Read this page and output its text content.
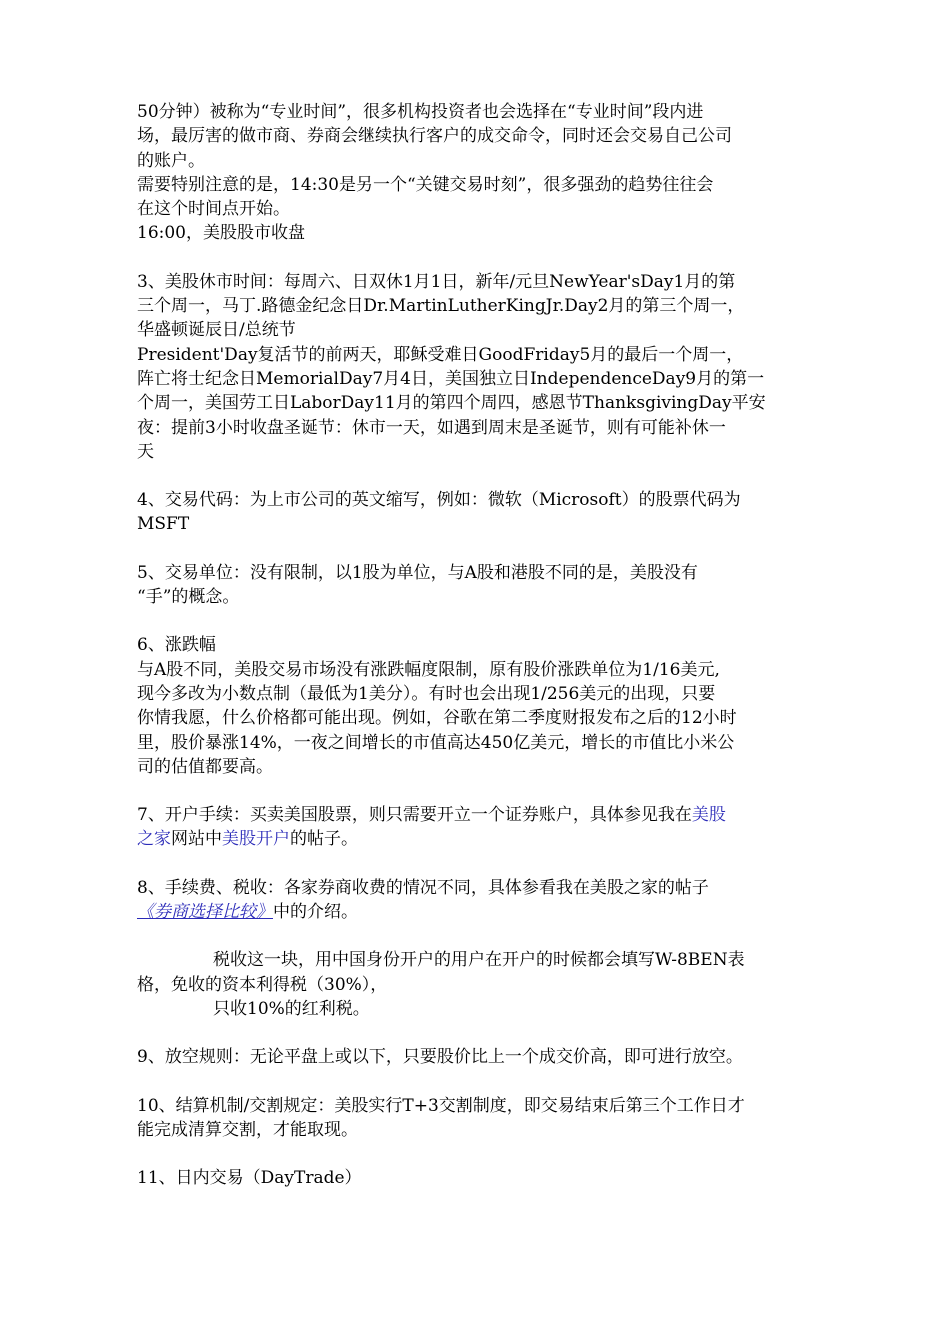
50分钟）被称为“专业时间”，很多机构投资者也会选择在“专业时间”段内进
场，最厉害的做市商、券商会继续执行客户的成交命令，同时还会交易自己公司
的账户。
需要特别注意的是，14:30是另一个“关键交易时刻”，很多强劲的趋势往往会
在这个时间点开始。
16:00，美股股市收盘
3、美股休市时间：每周六、日双休1月1日，新年/元旦NewYear'sDay1月的第
三个周一，马丁.路德金纪念日Dr.MartinLutherKingJr.Day2月的第三个周一，
华盛顿诞辰日/总统节
President'Day复活节的前两天，耶稣受难日GoodFriday5月的最后一个周一，
阵亡将士纪念日MemorialDay7月4日，美国独立日IndependenceDay9月的第一
个周一，美国劳工日LaborDay11月的第四个周四，感恩节ThanksgivingDay平安
夜：提前3小时收盘圣诞节：休市一天，如遇到周末是圣诞节，则有可能补休一
天
4、交易代码：为上市公司的英文缩写，例如：微软（Microsoft）的股票代码为
MSFT
5、交易单位：没有限制，以1股为单位，与A股和港股不同的是，美股没有
“手”的概念。
6、涨跌幅
与A股不同，美股交易市场没有涨跌幅度限制，原有股价涨跌单位为1/16美元,
现今多改为小数点制（最低为1美分）。有时也会出现1/256美元的出现，只要
你情我愿，什么价格都可能出现。例如，谷歌在第二季度财报发布之后的12小时
里，股价暴涨14%，一夜之间增长的市值高达450亿美元，增长的市值比小米公
司的估值都要高。
7、开户手续：买卖美国股票，则只需要开立一个证券账户，具体参见我在美股
之家网站中美股开户的帖子。
8、手续费、税收：各家券商收费的情况不同，具体参看我在美股之家的帖子
《券商选择比较》中的介绍。
税收这一块，用中国身份开户的用户在开户的时候都会填写W-8BEN表
格，免收的资本利得税（30%），
只收10%的红利税。
9、放空规则：无论平盘上或以下，只要股价比上一个成交价高，即可进行放空。
10、结算机制/交割规定：美股实行T+3交割制度，即交易结束后第三个工作日才
能完成清算交割，才能取现。
11、日内交易（DayTrade）
